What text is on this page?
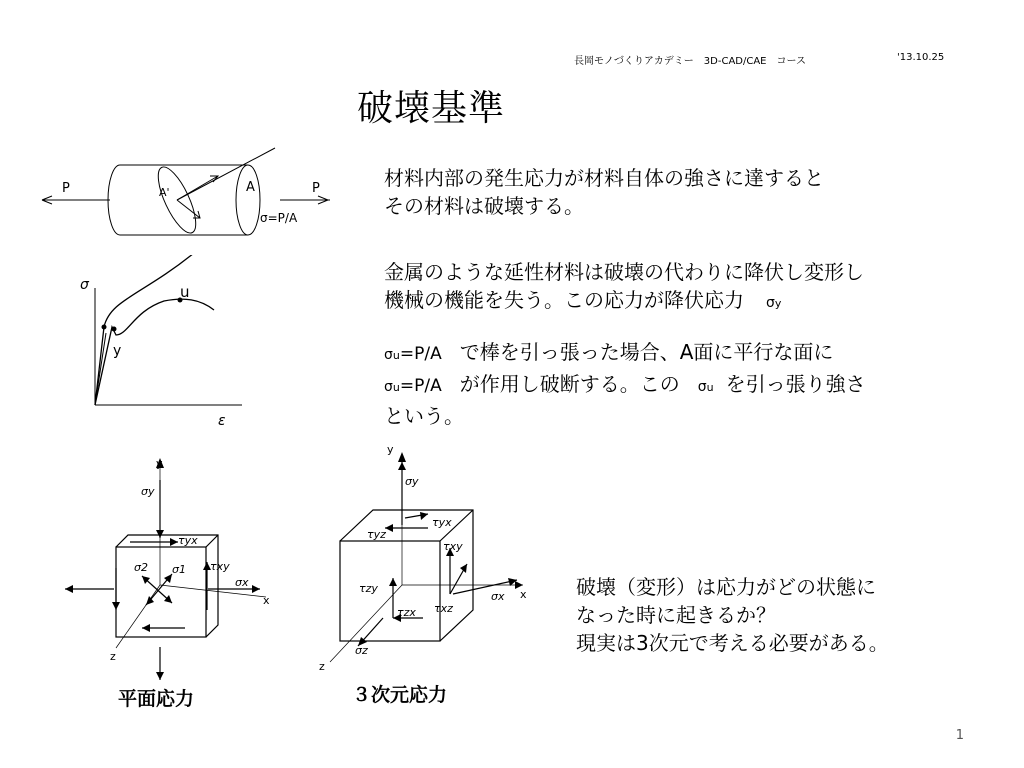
長岡モノづくりアカデミー　3D-CAD/CAE　コース	'13.10.25
破壊基準

材料内部の発生応力が材料自体の強さに達すると

その材料は破壊する。

金属のような延性材料は破壊の代わりに降伏し変形し

機械の機能を失う。この応力が降伏応力 σy

σu=P/A で棒を引っ張った場合、A面に平行な面に

σu=P/A が作用し破断する。この σu を引っ張り強さ

という。

P	P
A'	A
σ=P/A
σ
ε
u
y
y
x
z
σy
σx
σ1
σ2
τyx
τxy
平面応力
y
x
z
σy
σx
σz
τyx
τyz
τxy
τzy
τzx τxz
３次元応力

破壊（変形）は応力がどの状態に

なった時に起きるか？

現実は3次元で考える必要がある。

1
